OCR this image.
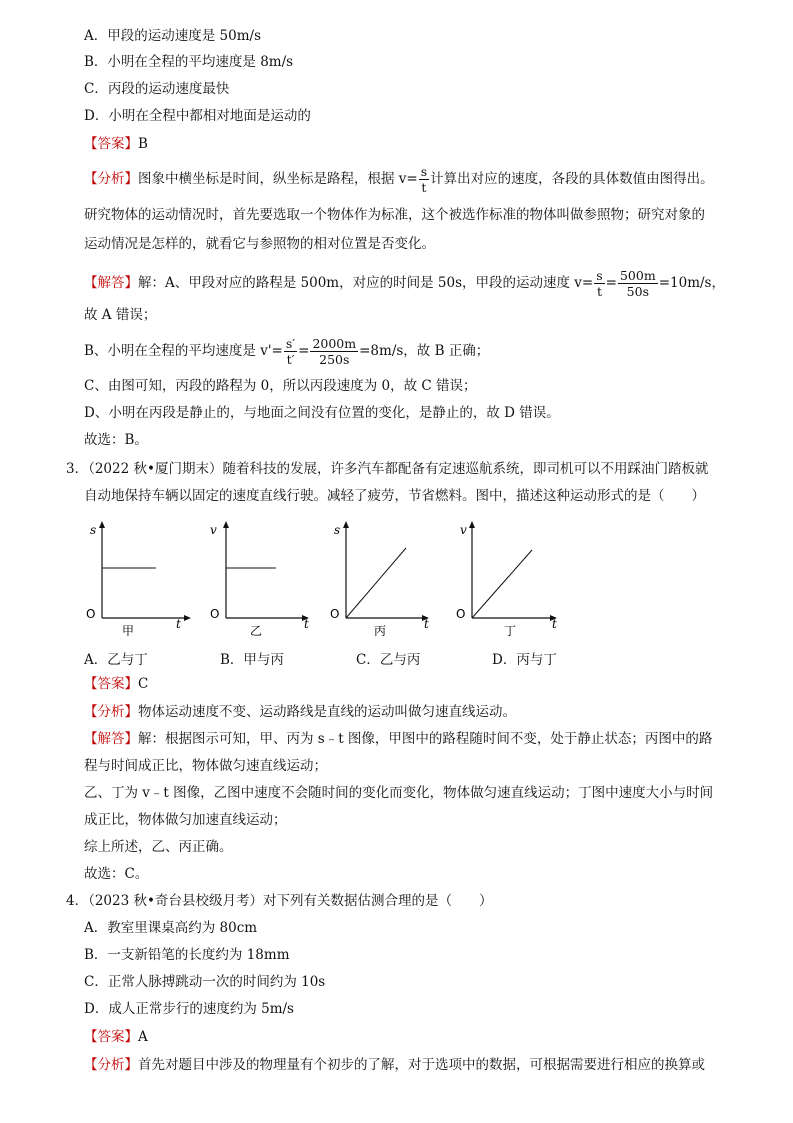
A．甲段的运动速度是 50m/s
B．小明在全程的平均速度是 8m/s
C．丙段的运动速度最快
D．小明在全程中都相对地面是运动的
【答案】B
【分析】图象中横坐标是时间，纵坐标是路程，根据 $v= \frac{s}{t}$ 计算出对应的速度，各段的具体数值由图得出。
研究物体的运动情况时，首先要选取一个物体作为标准，这个被选作标准的物体叫做参照物；研究对象的
运动情况是怎样的，就看它与参照物的相对位置是否变化。
【解答】解：A、甲段对应的路程是 500m，对应的时间是 50s，甲段的运动速度 $v= \frac{s}{t} = \frac{500m}{50s} =10m/s$，
故 A 错误；
B、小明在全程的平均速度是 $v'= \frac{s'}{t'} = \frac{2000m}{250s} =8m/s$，故 B 正确；
C、由图可知，丙段的路程为 0，所以丙段速度为 0，故 C 错误；
D、小明在丙段是静止的，与地面之间没有位置的变化，是静止的，故 D 错误。
故选：B。
3．（2022 秋•厦门期末）随着科技的发展，许多汽车都配备有定速巡航系统，即司机可以不用踩油门踏板就
自动地保持车辆以固定的速度直线行驶。减轻了疲劳，节省燃料。图中，描述这种运动形式的是（　　）
s
O
t
甲
v
O
t
乙
s
O
t
丙
v
O
t
丁
A．乙与丁	B．甲与丙	C．乙与丙	D．丙与丁
【答案】C
【分析】物体运动速度不变、运动路线是直线的运动叫做匀速直线运动。
【解答】解：根据图示可知，甲、丙为 s﹣t 图像，甲图中的路程随时间不变，处于静止状态；丙图中的路
程与时间成正比，物体做匀速直线运动；
乙、丁为 v﹣t 图像，乙图中速度不会随时间的变化而变化，物体做匀速直线运动；丁图中速度大小与时间
成正比，物体做匀加速直线运动；
综上所述，乙、丙正确。
故选：C。
4．（2023 秋•奇台县校级月考）对下列有关数据估测合理的是（　　）
A．教室里课桌高约为 80cm
B．一支新铅笔的长度约为 18mm
C．正常人脉搏跳动一次的时间约为 10s
D．成人正常步行的速度约为 5m/s
【答案】A
【分析】首先对题目中涉及的物理量有个初步的了解，对于选项中的数据，可根据需要进行相应的换算或
